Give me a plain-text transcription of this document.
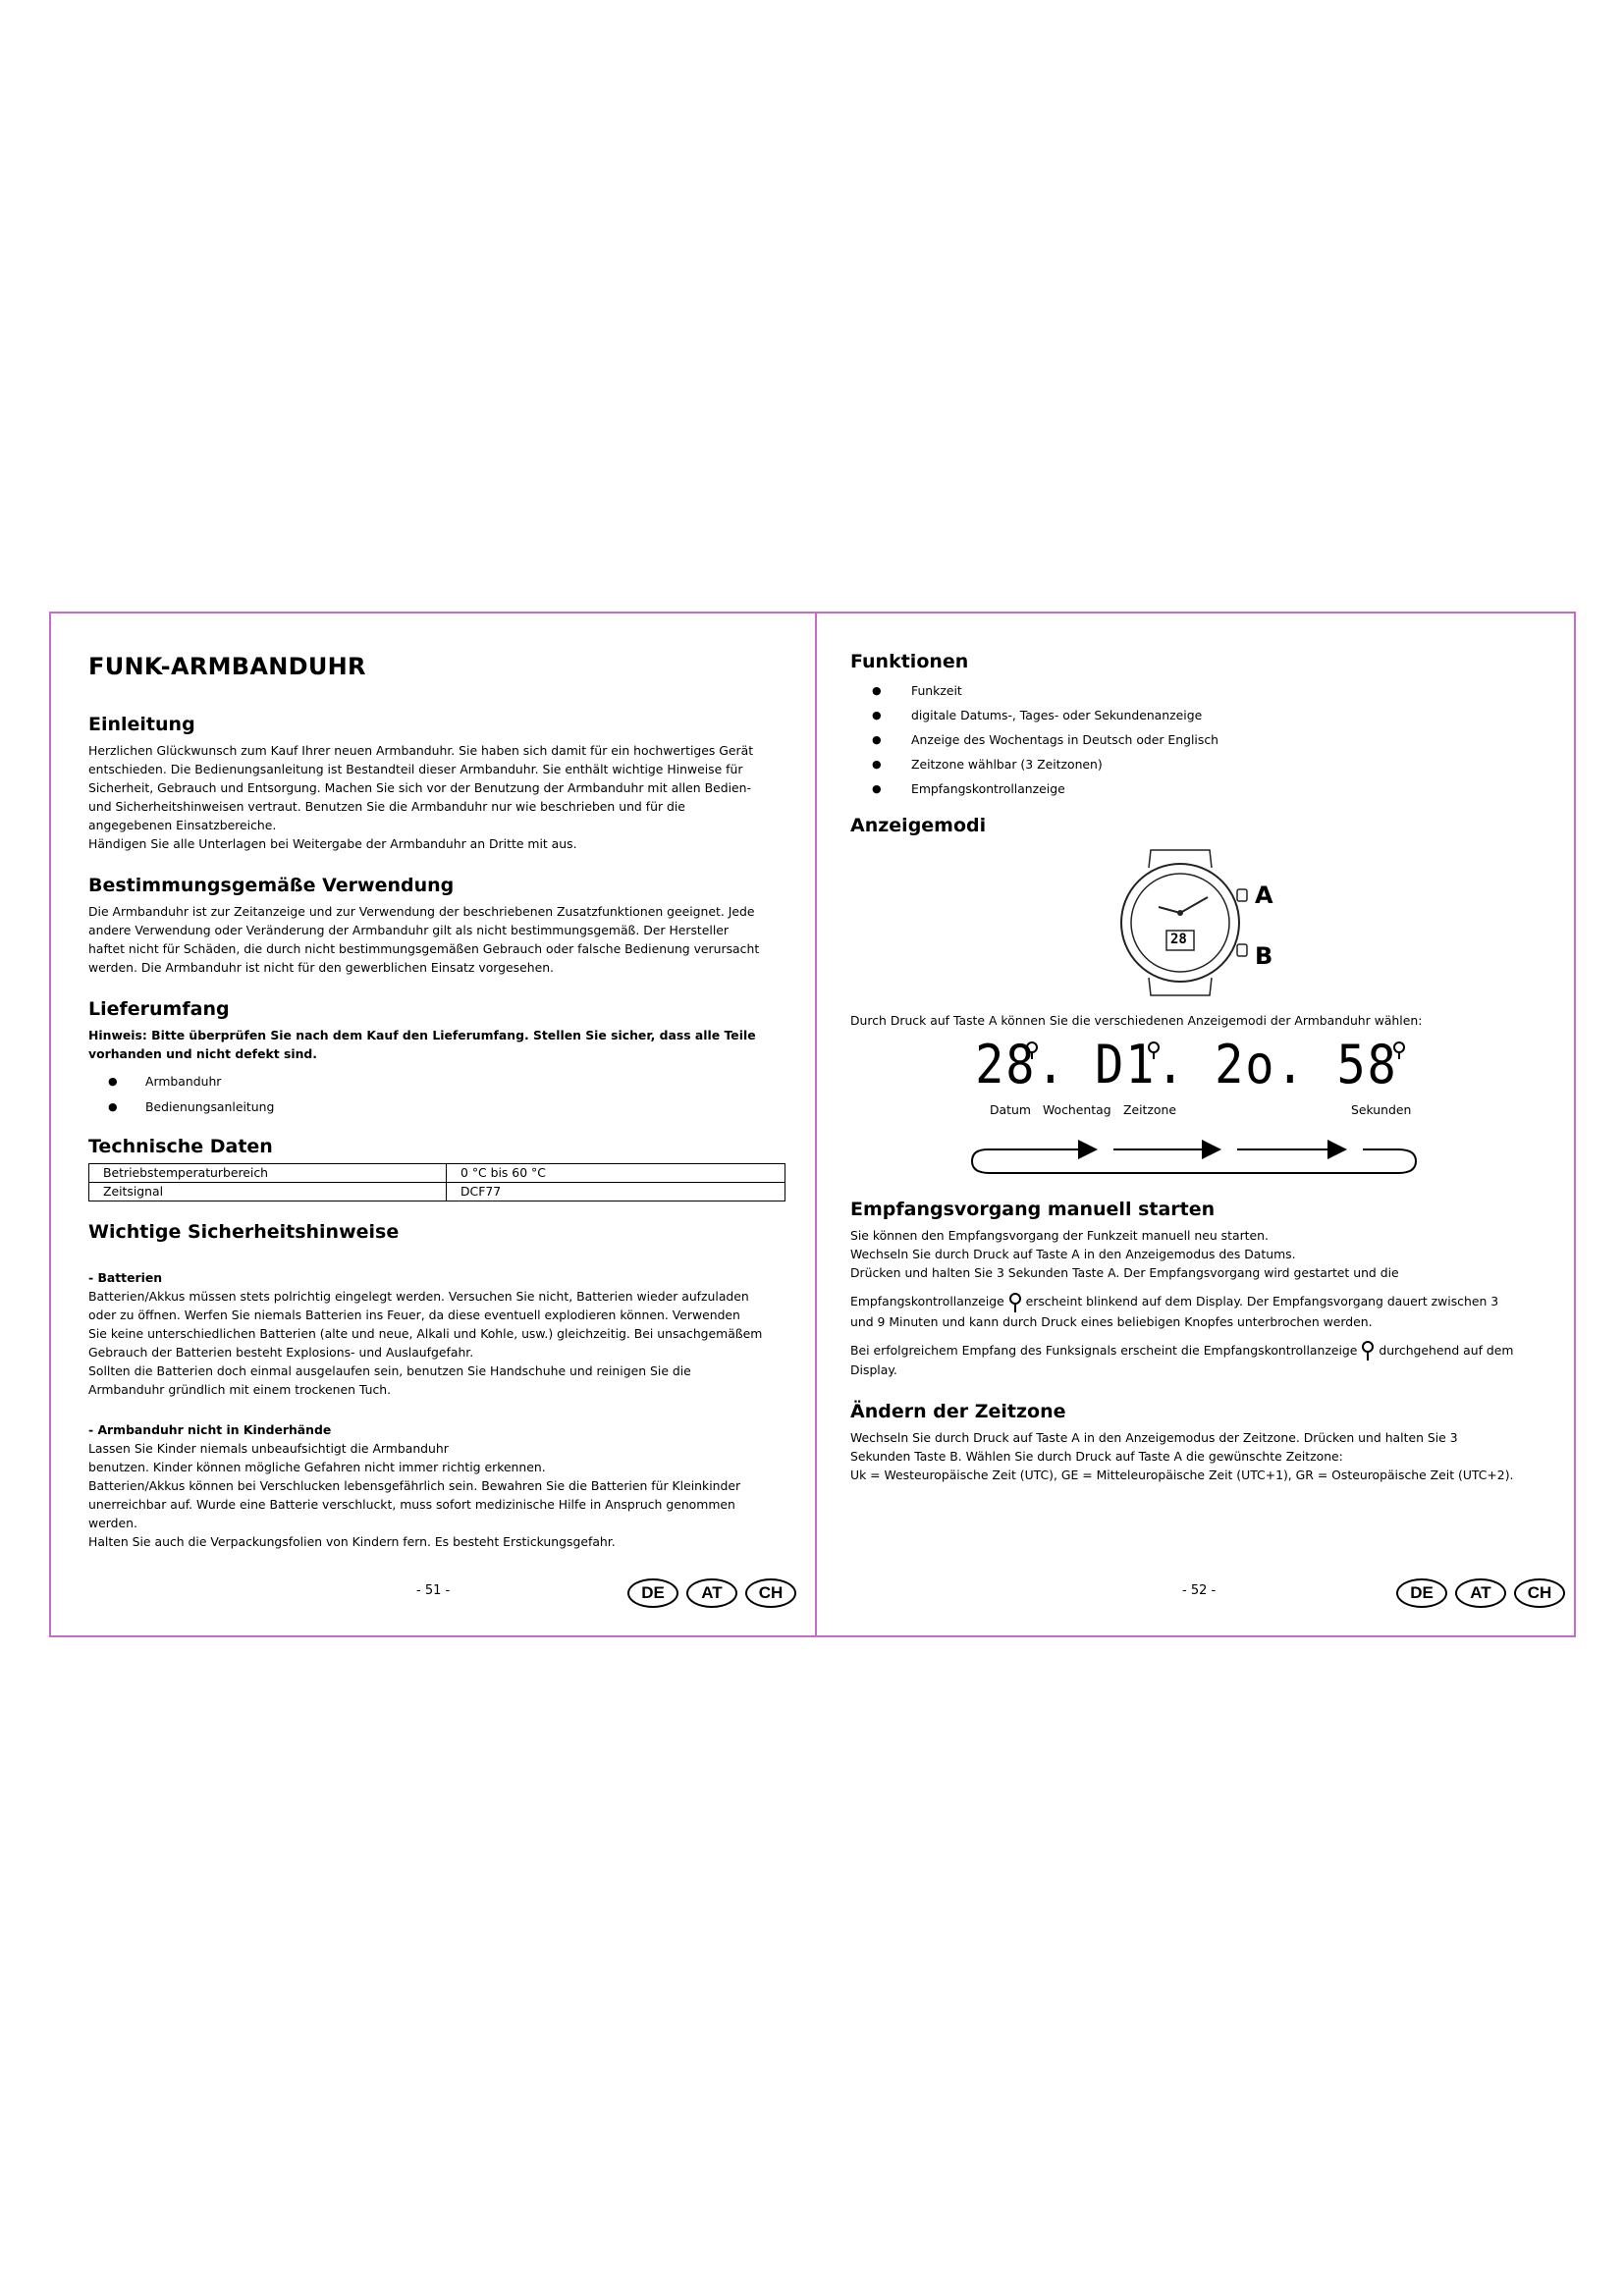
FUNK-ARMBANDUHR
Einleitung

Herzlichen Glückwunsch zum Kauf Ihrer neuen Armbanduhr. Sie haben sich damit für ein hochwertiges Gerät

entschieden. Die Bedienungsanleitung ist Bestandteil dieser Armbanduhr. Sie enthält wichtige Hinweise für

Sicherheit, Gebrauch und Entsorgung. Machen Sie sich vor der Benutzung der Armbanduhr mit allen Bedien-

und Sicherheitshinweisen vertraut. Benutzen Sie die Armbanduhr nur wie beschrieben und für die

angegebenen Einsatzbereiche.

Händigen Sie alle Unterlagen bei Weitergabe der Armbanduhr an Dritte mit aus.

Bestimmungsgemäße Verwendung

Die Armbanduhr ist zur Zeitanzeige und zur Verwendung der beschriebenen Zusatzfunktionen geeignet. Jede

andere Verwendung oder Veränderung der Armbanduhr gilt als nicht bestimmungsgemäß. Der Hersteller

haftet nicht für Schäden, die durch nicht bestimmungsgemäßen Gebrauch oder falsche Bedienung verursacht

werden. Die Armbanduhr ist nicht für den gewerblichen Einsatz vorgesehen.

Lieferumfang

Hinweis: Bitte überprüfen Sie nach dem Kauf den Lieferumfang. Stellen Sie sicher, dass alle Teile

vorhanden und nicht defekt sind.

● Armbanduhr
● Bedienungsanleitung
Technische Daten
Betriebstemperaturbereich	0 °C bis 60 °C
Zeitsignal	DCF77
Wichtige Sicherheitshinweise

- Batterien

Batterien/Akkus müssen stets polrichtig eingelegt werden. Versuchen Sie nicht, Batterien wieder aufzuladen

oder zu öffnen. Werfen Sie niemals Batterien ins Feuer, da diese eventuell explodieren können. Verwenden

Sie keine unterschiedlichen Batterien (alte und neue, Alkali und Kohle, usw.) gleichzeitig. Bei unsachgemäßem

Gebrauch der Batterien besteht Explosions- und Auslaufgefahr.

Sollten die Batterien doch einmal ausgelaufen sein, benutzen Sie Handschuhe und reinigen Sie die

Armbanduhr gründlich mit einem trockenen Tuch.

- Armbanduhr nicht in Kinderhände

Lassen Sie Kinder niemals unbeaufsichtigt die Armbanduhr

benutzen. Kinder können mögliche Gefahren nicht immer richtig erkennen.

Batterien/Akkus können bei Verschlucken lebensgefährlich sein. Bewahren Sie die Batterien für Kleinkinder

unerreichbar auf. Wurde eine Batterie verschluckt, muss sofort medizinische Hilfe in Anspruch genommen

werden.

Halten Sie auch die Verpackungsfolien von Kindern fern. Es besteht Erstickungsgefahr.

- 51 -	DE	AT	CH
Funktionen
● Funkzeit
● digitale Datums-, Tages- oder Sekundenanzeige
● Anzeige des Wochentags in Deutsch oder Englisch
● Zeitzone wählbar (3 Zeitzonen)
● Empfangskontrollanzeige
Anzeigemodi
28
A
B

Durch Druck auf Taste A können Sie die verschiedenen Anzeigemodi der Armbanduhr wählen:

28. D1. 2o. 58
Datum Wochentag Zeitzone	Sekunden
Empfangsvorgang manuell starten

Sie können den Empfangsvorgang der Funkzeit manuell neu starten.

Wechseln Sie durch Druck auf Taste A in den Anzeigemodus des Datums.

Drücken und halten Sie 3 Sekunden Taste A. Der Empfangsvorgang wird gestartet und die

Empfangskontrollanzeige erscheint blinkend auf dem Display. Der Empfangsvorgang dauert zwischen 3

und 9 Minuten und kann durch Druck eines beliebigen Knopfes unterbrochen werden.

Bei erfolgreichem Empfang des Funksignals erscheint die Empfangskontrollanzeige durchgehend auf dem

Display.

Ändern der Zeitzone

Wechseln Sie durch Druck auf Taste A in den Anzeigemodus der Zeitzone. Drücken und halten Sie 3

Sekunden Taste B. Wählen Sie durch Druck auf Taste A die gewünschte Zeitzone:

Uk = Westeuropäische Zeit (UTC), GE = Mitteleuropäische Zeit (UTC+1), GR = Osteuropäische Zeit (UTC+2).

- 52 -	DE	AT	CH
